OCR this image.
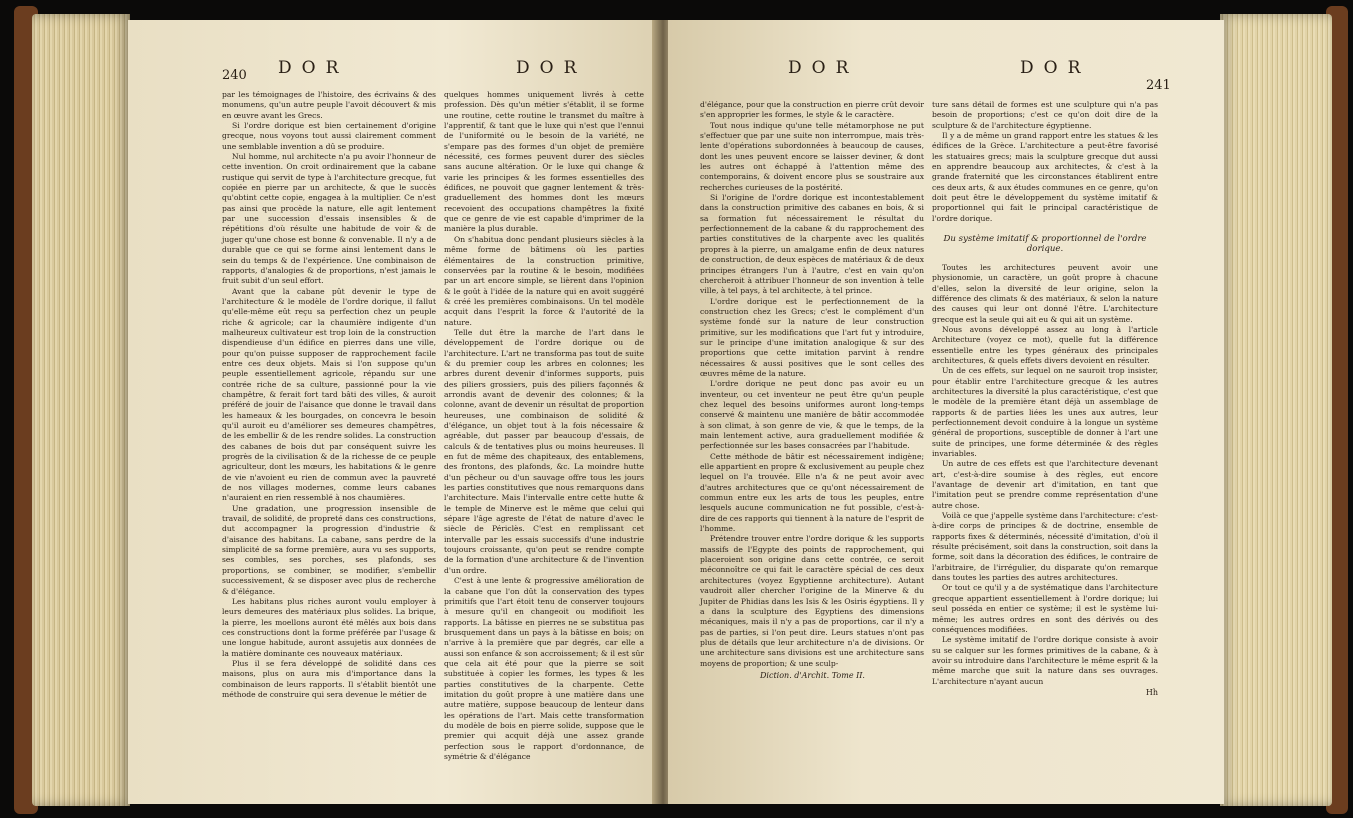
240 DOR	DOR

par les témoignages de l'histoire, des écrivains & des monumens, qu'un autre peuple l'avoit découvert & mis en œuvre avant les Grecs.

Si l'ordre dorique est bien certainement d'origine grecque, nous voyons tout aussi clairement comment une semblable invention a dû se produire.

Nul homme, nul architecte n'a pu avoir l'honneur de cette invention. On croit ordinairement que la cabane rustique qui servit de type à l'architecture grecque, fut copiée en pierre par un architecte, & que le succès qu'obtint cette copie, engagea à la multiplier. Ce n'est pas ainsi que procède la nature, elle agit lentement par une succession d'essais insensibles & de répétitions d'où résulte une habitude de voir & de juger qu'une chose est bonne & convenable. Il n'y a de durable que ce qui se forme ainsi lentement dans le sein du temps & de l'expérience. Une combinaison de rapports, d'analogies & de proportions, n'est jamais le fruit subit d'un seul effort.

Avant que la cabane pût devenir le type de l'architecture & le modèle de l'ordre dorique, il fallut qu'elle-même eût reçu sa perfection chez un peuple riche & agricole; car la chaumière indigente d'un malheureux cultivateur est trop loin de la construction dispendieuse d'un édifice en pierres dans une ville, pour qu'on puisse supposer de rapprochement facile entre ces deux objets. Mais si l'on suppose qu'un peuple essentiellement agricole, répandu sur une contrée riche de sa culture, passionné pour la vie champêtre, & ferait fort tard bâti des villes, & auroit préféré de jouir de l'aisance que donne le travail dans les hameaux & les bourgades, on concevra le besoin qu'il auroit eu d'améliorer ses demeures champêtres, de les embellir & de les rendre solides. La construction des cabanes de bois dut par conséquent suivre les progrès de la civilisation & de la richesse de ce peuple agriculteur, dont les mœurs, les habitations & le genre de vie n'avoient eu rien de commun avec la pauvreté de nos villages modernes, comme leurs cabanes n'auraient en rien ressemblé à nos chaumières.

Une gradation, une progression insensible de travail, de solidité, de propreté dans ces constructions, dut accompagner la progression d'industrie & d'aisance des habitans. La cabane, sans perdre de la simplicité de sa forme première, aura vu ses supports, ses combles, ses porches, ses plafonds, ses proportions, se combiner, se modifier, s'embellir successivement, & se disposer avec plus de recherche & d'élégance.

Les habitans plus riches auront voulu employer à leurs demeures des matériaux plus solides. La brique, la pierre, les moellons auront été mêlés aux bois dans ces constructions dont la forme préférée par l'usage & une longue habitude, auront assujetis aux données de la matière dominante ces nouveaux matériaux.

Plus il se fera développé de solidité dans ces maisons, plus on aura mis d'importance dans la combinaison de leurs rapports. Il s'établit bientôt une méthode de construire qui sera devenue le métier de

quelques hommes uniquement livrés à cette profession. Dès qu'un métier s'établit, il se forme une routine, cette routine le transmet du maître à l'apprentif, & tant que le luxe qui n'est que l'ennui de l'uniformité ou le besoin de la variété, ne s'empare pas des formes d'un objet de première nécessité, ces formes peuvent durer des siècles sans aucune altération. Or le luxe qui change & varie les principes & les formes essentielles des édifices, ne pouvoit que gagner lentement & très-graduellement des hommes dont les mœurs recevoient des occupations champêtres la fixité que ce genre de vie est capable d'imprimer de la manière la plus durable.

On s'habitua donc pendant plusieurs siècles à la même forme de bâtimens où les parties élémentaires de la construction primitive, conservées par la routine & le besoin, modifiées par un art encore simple, se lièrent dans l'opinion & le goût à l'idée de la nature qui en avoit suggéré & créé les premières combinaisons. Un tel modèle acquit dans l'esprit la force & l'autorité de la nature.

Telle dut être la marche de l'art dans le développement de l'ordre dorique ou de l'architecture. L'art ne transforma pas tout de suite & du premier coup les arbres en colonnes; les arbres durent devenir d'informes supports, puis des piliers grossiers, puis des piliers façonnés & arrondis avant de devenir des colonnes; & la colonne, avant de devenir un résultat de proportion heureuses, une combinaison de solidité & d'élégance, un objet tout à la fois nécessaire & agréable, dut passer par beaucoup d'essais, de calculs & de tentatives plus ou moins heureuses. Il en fut de même des chapiteaux, des entablemens, des frontons, des plafonds, &c. La moindre hutte d'un pêcheur ou d'un sauvage offre tous les jours les parties constitutives que nous remarquons dans l'architecture. Mais l'intervalle entre cette hutte & le temple de Minerve est le même que celui qui sépare l'âge agreste de l'état de nature d'avec le siècle de Périclès. C'est en remplissant cet intervalle par les essais successifs d'une industrie toujours croissante, qu'on peut se rendre compte de la formation d'une architecture & de l'invention d'un ordre.

C'est à une lente & progressive amélioration de la cabane que l'on dût la conservation des types primitifs que l'art étoit tenu de conserver toujours à mesure qu'il en changeoit ou modifioit les rapports. La bâtisse en pierres ne se substitua pas brusquement dans un pays à la bâtisse en bois; on n'arrive à la première que par degrés, car elle a aussi son enfance & son accroissement; & il est sûr que cela ait été pour que la pierre se soit substituée à copier les formes, les types & les parties constitutives de la charpente. Cette imitation du goût propre à une matière dans une autre matière, suppose beaucoup de lenteur dans les opérations de l'art. Mais cette transformation du modèle de bois en pierre solide, suppose que le premier qui acquit déjà une assez grande perfection sous le rapport d'ordonnance, de symétrie & d'élégance

DOR	DOR
241

d'élégance, pour que la construction en pierre crût devoir s'en approprier les formes, le style & le caractère.

Tout nous indique qu'une telle métamorphose ne put s'effectuer que par une suite non interrompue, mais très-lente d'opérations subordonnées à beaucoup de causes, dont les unes peuvent encore se laisser deviner, & dont les autres ont échappé à l'attention même des contemporains, & doivent encore plus se soustraire aux recherches curieuses de la postérité.

Si l'origine de l'ordre dorique est incontestablement dans la construction primitive des cabanes en bois, & si sa formation fut nécessairement le résultat du perfectionnement de la cabane & du rapprochement des parties constitutives de la charpente avec les qualités propres à la pierre, un amalgame enfin de deux natures de construction, de deux espèces de matériaux & de deux principes étrangers l'un à l'autre, c'est en vain qu'on chercheroit à attribuer l'honneur de son invention à telle ville, à tel pays, à tel architecte, à tel prince.

L'ordre dorique est le perfectionnement de la construction chez les Grecs; c'est le complément d'un système fondé sur la nature de leur construction primitive, sur les modifications que l'art fut y introduire, sur le principe d'une imitation analogique & sur des proportions que cette imitation parvint à rendre nécessaires & aussi positives que le sont celles des œuvres même de la nature.

L'ordre dorique ne peut donc pas avoir eu un inventeur, ou cet inventeur ne peut être qu'un peuple chez lequel des besoins uniformes auront long-temps conservé & maintenu une manière de bâtir accommodée à son climat, à son genre de vie, & que le temps, de la main lentement active, aura graduellement modifiée & perfectionnée sur les bases consacrées par l'habitude.

Cette méthode de bâtir est nécessairement indigène; elle appartient en propre & exclusivement au peuple chez lequel on l'a trouvée. Elle n'a & ne peut avoir avec d'autres architectures que ce qu'ont nécessairement de commun entre eux les arts de tous les peuples, entre lesquels aucune communication ne fut possible, c'est-à-dire de ces rapports qui tiennent à la nature de l'esprit de l'homme.

Prétendre trouver entre l'ordre dorique & les supports massifs de l'Egypte des points de rapprochement, qui placeroient son origine dans cette contrée, ce seroit méconnoître ce qui fait le caractère spécial de ces deux architectures (voyez Egyptienne architecture). Autant vaudroit aller chercher l'origine de la Minerve & du Jupiter de Phidias dans les Isis & les Osiris égyptiens. Il y a dans la sculpture des Egyptiens des dimensions mécaniques, mais il n'y a pas de proportions, car il n'y a pas de parties, si l'on peut dire. Leurs statues n'ont pas plus de détails que leur architecture n'a de divisions. Or une architecture sans divisions est une architecture sans moyens de proportion; & une sculp-

Diction. d'Archit. Tome II.

ture sans détail de formes est une sculpture qui n'a pas besoin de proportions; c'est ce qu'on doit dire de la sculpture & de l'architecture égyptienne.

Il y a de même un grand rapport entre les statues & les édifices de la Grèce. L'architecture a peut-être favorisé les statuaires grecs; mais la sculpture grecque dut aussi en apprendre beaucoup aux architectes, & c'est à la grande fraternité que les circonstances établirent entre ces deux arts, & aux études communes en ce genre, qu'on doit peut être le développement du système imitatif & proportionnel qui fait le principal caractéristique de l'ordre dorique.

Du système imitatif & proportionnel de l'ordre dorique.

Toutes les architectures peuvent avoir une physionomie, un caractère, un goût propre à chacune d'elles, selon la diversité de leur origine, selon la différence des climats & des matériaux, & selon la nature des causes qui leur ont donné l'être. L'architecture grecque est la seule qui ait eu & qui ait un système.

Nous avons développé assez au long à l'article Architecture (voyez ce mot), quelle fut la différence essentielle entre les types généraux des principales architectures, & quels effets divers devoient en résulter.

Un de ces effets, sur lequel on ne sauroit trop insister, pour établir entre l'architecture grecque & les autres architectures la diversité la plus caractéristique, c'est que le modèle de la première étant déjà un assemblage de rapports & de parties liées les unes aux autres, leur perfectionnement devoit conduire à la longue un système général de proportions, susceptible de donner à l'art une suite de principes, une forme déterminée & des règles invariables.

Un autre de ces effets est que l'architecture devenant art, c'est-à-dire soumise à des règles, eut encore l'avantage de devenir art d'imitation, en tant que l'imitation peut se prendre comme représentation d'une autre chose.

Voilà ce que j'appelle système dans l'architecture: c'est-à-dire corps de principes & de doctrine, ensemble de rapports fixes & déterminés, nécessité d'imitation, d'où il résulte précisément, soit dans la construction, soit dans la forme, soit dans la décoration des édifices, le contraire de l'arbitraire, de l'irrégulier, du disparate qu'on remarque dans toutes les parties des autres architectures.

Or tout ce qu'il y a de systématique dans l'architecture grecque appartient essentiellement à l'ordre dorique; lui seul posséda en entier ce système; il est le système lui-même; les autres ordres en sont des dérivés ou des conséquences modifiées.

Le système imitatif de l'ordre dorique consiste à avoir su se calquer sur les formes primitives de la cabane, & à avoir su introduire dans l'architecture le même esprit & la même marche que suit la nature dans ses ouvrages. L'architecture n'ayant aucun

Hh
